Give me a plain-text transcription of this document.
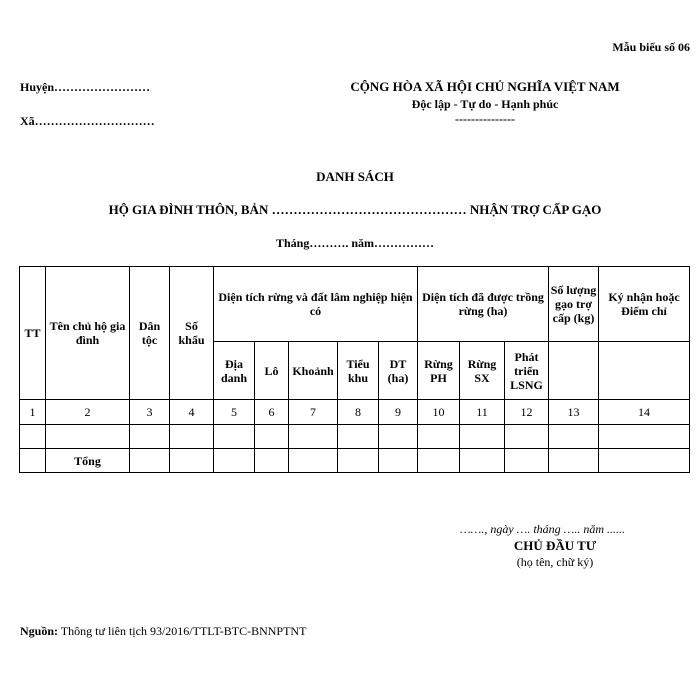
Mẫu biểu số 06
Huyện……………………
Xã…………………………
CỘNG HÒA XÃ HỘI CHỦ NGHĨA VIỆT NAM
Độc lập - Tự do - Hạnh phúc
---------------
DANH SÁCH
HỘ GIA ĐÌNH THÔN, BẢN ……………………………………… NHẬN TRỢ CẤP GẠO
Tháng………. năm……………
TT	Tên chủ hộ gia đình	Dân tộc	Số khẩu	Diện tích rừng và đất lâm nghiệp hiện có					Diện tích đã được trồng rừng (ha)			Số lượng gạo trợ cấp (kg)	Ký nhận hoặc Điểm chỉ
				Địa danh	Lô	Khoảnh	Tiểu khu	DT (ha)	Rừng PH	Rừng SX	Phát triển LSNG		
1	2	3	4	5	6	7	8	9	10	11	12	13	14

	Tổng												
……., ngày …. tháng ….. năm ......
CHỦ ĐẦU TƯ
(họ tên, chữ ký)
Nguồn: Thông tư liên tịch 93/2016/TTLT-BTC-BNNPTNT
